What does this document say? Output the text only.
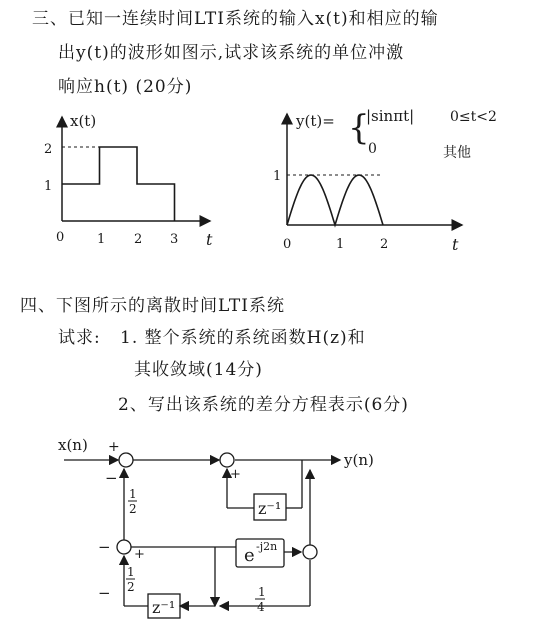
三、已知一连续时间LTI系统的输入x(t)和相应的输
出y(t)的波形如图示,试求该系统的单位冲激
响应h(t) (20分)
四、下图所示的离散时间LTI系统
试求: 1. 整个系统的系统函数H(z)和
其收敛域(14分)
2、写出该系统的差分方程表示(6分)
x(t)
2
1
0	1 2 3 t
y(t)= {
|sinπt|	0≤t<2
0	其他
1
0	1	2	t
x(n) +
+
y(n)
z⁻¹
z⁻¹
e -j2n
1
2
1
2	1
4
−
− +
−
